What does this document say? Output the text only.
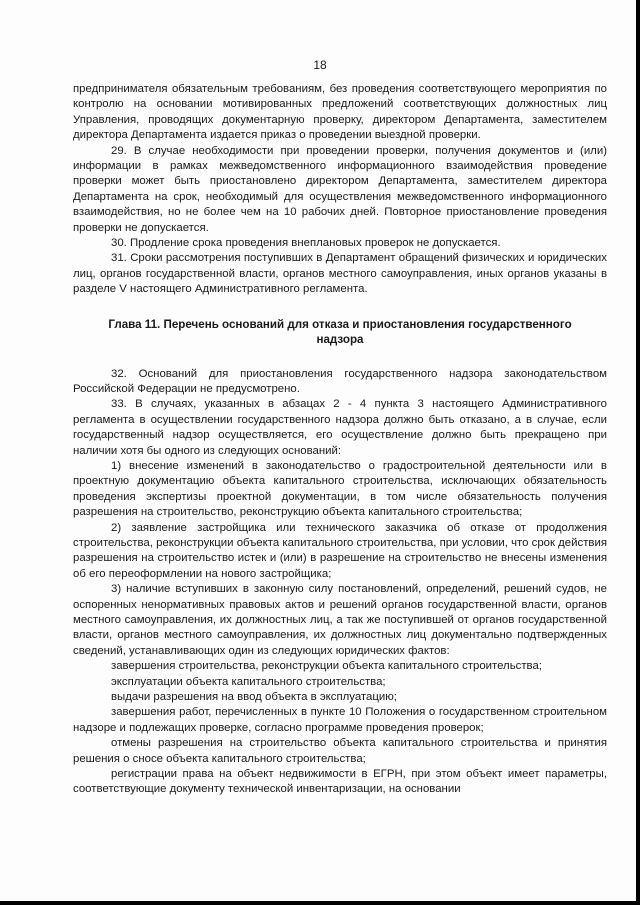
18

предпринимателя обязательным требованиям, без проведения соответствующего мероприятия по контролю на основании мотивированных предложений соответствующих должностных лиц Управления, проводящих документарную проверку, директором Департамента, заместителем директора Департамента издается приказ о проведении выездной проверки.

29. В случае необходимости при проведении проверки, получения документов и (или) информации в рамках межведомственного информационного взаимодействия проведение проверки может быть приостановлено директором Департамента, заместителем директора Департамента на срок, необходимый для осуществления межведомственного информационного взаимодействия, но не более чем на 10 рабочих дней. Повторное приостановление проведения проверки не допускается.

30. Продление срока проведения внеплановых проверок не допускается.

31. Сроки рассмотрения поступивших в Департамент обращений физических и юридических лиц, органов государственной власти, органов местного самоуправления, иных органов указаны в разделе V настоящего Административного регламента.

Глава 11. Перечень оснований для отказа и приостановления государственного надзора

32. Оснований для приостановления государственного надзора законодательством Российской Федерации не предусмотрено.

33. В случаях, указанных в абзацах 2 - 4 пункта 3 настоящего Административного регламента в осуществлении государственного надзора должно быть отказано, а в случае, если государственный надзор осуществляется, его осуществление должно быть прекращено при наличии хотя бы одного из следующих оснований:

1) внесение изменений в законодательство о градостроительной деятельности или в проектную документацию объекта капитального строительства, исключающих обязательность проведения экспертизы проектной документации, в том числе обязательность получения разрешения на строительство, реконструкцию объекта капитального строительства;

2) заявление застройщика или технического заказчика об отказе от продолжения строительства, реконструкции объекта капитального строительства, при условии, что срок действия разрешения на строительство истек и (или) в разрешение на строительство не внесены изменения об его переоформлении на нового застройщика;

3) наличие вступивших в законную силу постановлений, определений, решений судов, не оспоренных ненормативных правовых актов и решений органов государственной власти, органов местного самоуправления, их должностных лиц, а так же поступившей от органов государственной власти, органов местного самоуправления, их должностных лиц документально подтвержденных сведений, устанавливающих один из следующих юридических фактов:

завершения строительства, реконструкции объекта капитального строительства;

эксплуатации объекта капитального строительства;

выдачи разрешения на ввод объекта в эксплуатацию;

завершения работ, перечисленных в пункте 10 Положения о государственном строительном надзоре и подлежащих проверке, согласно программе проведения проверок;

отмены разрешения на строительство объекта капитального строительства и принятия решения о сносе объекта капитального строительства;

регистрации права на объект недвижимости в ЕГРН, при этом объект имеет параметры, соответствующие документу технической инвентаризации, на основании
